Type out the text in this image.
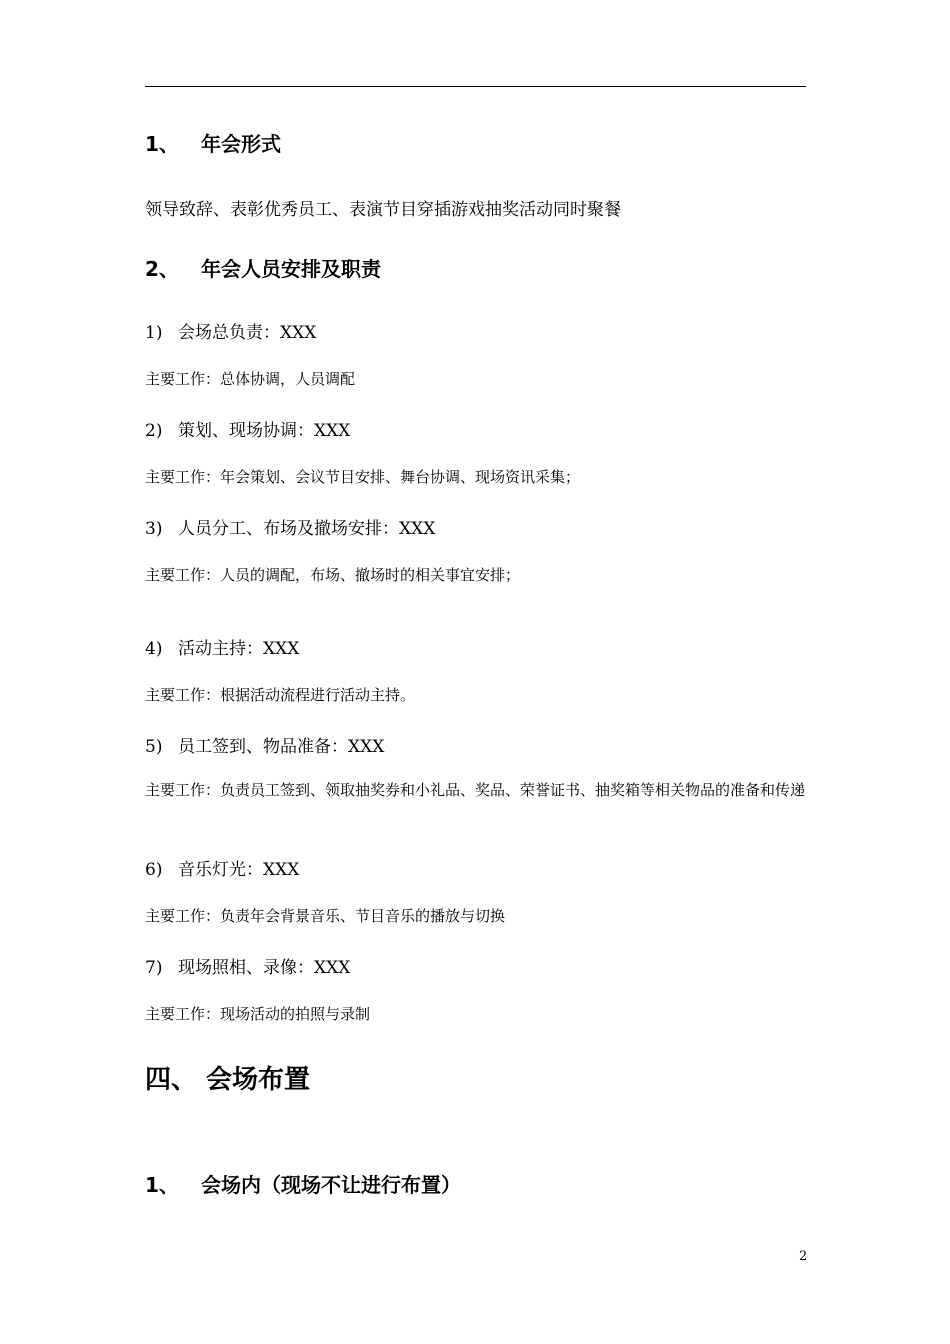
1、 年会形式
领导致辞、表彰优秀员工、表演节目穿插游戏抽奖活动同时聚餐
2、 年会人员安排及职责
1) 会场总负责：XXX
主要工作：总体协调，人员调配
2) 策划、现场协调：XXX
主要工作：年会策划、会议节目安排、舞台协调、现场资讯采集；
3) 人员分工、布场及撤场安排：XXX
主要工作：人员的调配，布场、撤场时的相关事宜安排；
4) 活动主持：XXX
主要工作：根据活动流程进行活动主持。
5) 员工签到、物品准备：XXX
主要工作：负责员工签到、领取抽奖券和小礼品、奖品、荣誉证书、抽奖箱等相关物品的准备和传递
6) 音乐灯光：XXX
主要工作：负责年会背景音乐、节目音乐的播放与切换
7) 现场照相、录像：XXX
主要工作：现场活动的拍照与录制
四、 会场布置
1、 会场内（现场不让进行布置）
2
